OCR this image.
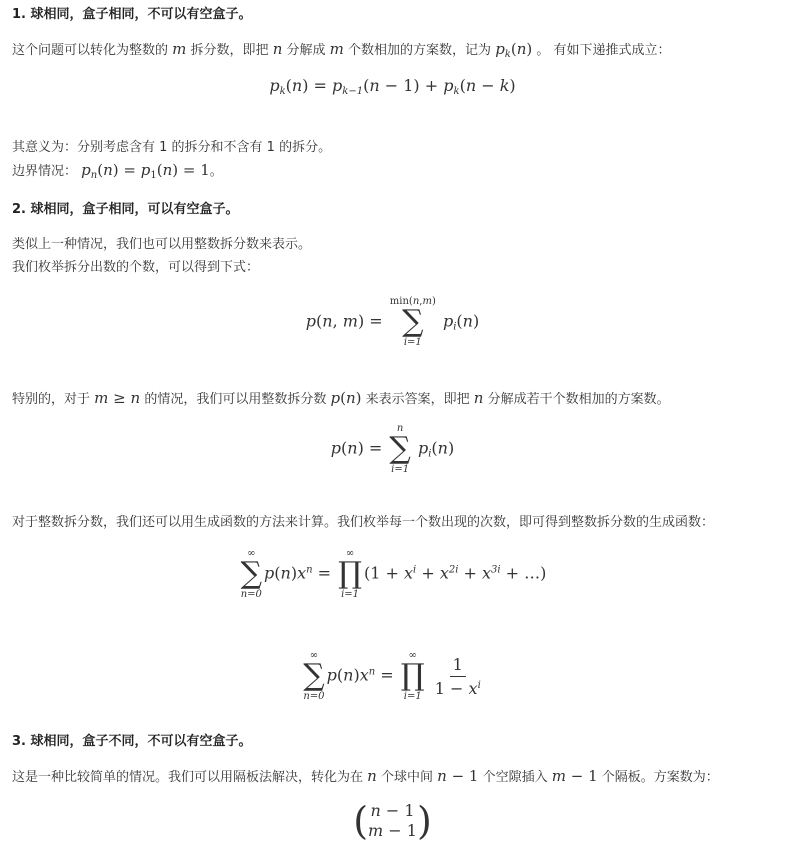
1. 球相同，盒子相同，不可以有空盒子。
这个问题可以转化为整数的 m 拆分数，即把 n 分解成 m 个数相加的方案数，记为 $p_k(n)$ 。 有如下递推式成立：
$p_k(n) = p_{k-1}(n - 1) + p_k(n - k)$
其意义为：分别考虑含有 1 的拆分和不含有 1 的拆分。
边界情况： $p_n(n) = p_1(n) = 1$。
2. 球相同，盒子相同，可以有空盒子。
类似上一种情况，我们也可以用整数拆分数来表示。
我们枚举拆分出数的个数，可以得到下式：
p(n, m) =
min(n,m)
∑
i=1
$p_i(n)$
特别的，对于 m ≥ n 的情况，我们可以用整数拆分数 p(n) 来表示答案，即把 n 分解成若干个数相加的方案数。
p(n) =
n
∑
i=1
$p_i(n)$
对于整数拆分数，我们还可以用生成函数的方法来计算。我们枚举每一个数出现的次数，即可得到整数拆分数的生成函数：
∞
∑
n=0
$p(n)x^n$ =
∞
∏
i=1
($1 + x^i + x^{2i} + x^{3i}$ + …)
∞
∑
n=0
$p(n)x^n$ =
∞
∏
i=1
$\frac{1}{1 - x^i}$
3. 球相同，盒子不同，不可以有空盒子。
这是一种比较简单的情况。我们可以用隔板法解决，转化为在 n 个球中间 n − 1 个空隙插入 m − 1 个隔板。方案数为：
( n − 1
m − 1 )
